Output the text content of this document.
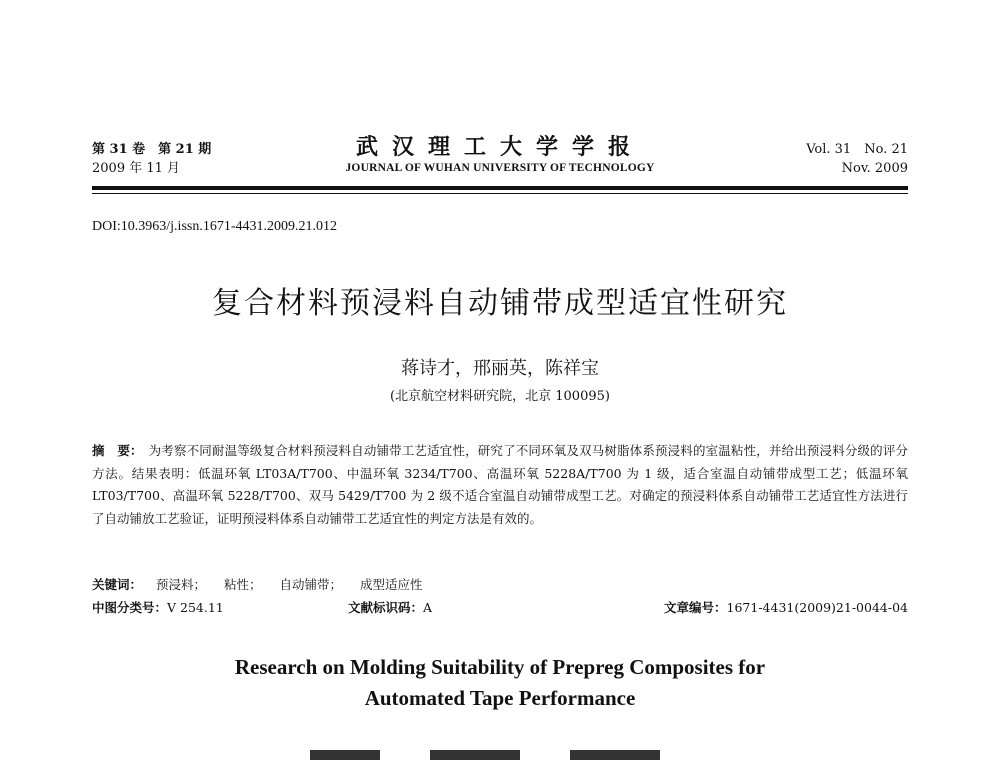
第 31 卷　第 21 期
2009 年 11 月
武汉理工大学学报
JOURNAL OF WUHAN UNIVERSITY OF TECHNOLOGY
Vol. 31　No. 21
Nov. 2009
DOI:10.3963/j.issn.1671-4431.2009.21.012
复合材料预浸料自动铺带成型适宜性研究
蒋诗才，邢丽英，陈祥宝
(北京航空材料研究院，北京 100095)
摘　要： 为考察不同耐温等级复合材料预浸料自动铺带工艺适宜性，研究了不同环氧及双马树脂体系预浸料的室温粘性，并给出预浸料分级的评分方法。结果表明：低温环氧 LT03A/T700、中温环氧 3234/T700、高温环氧 5228A/T700 为 1 级，适合室温自动铺带成型工艺；低温环氧 LT03/T700、高温环氧 5228/T700、双马 5429/T700 为 2 级不适合室温自动铺带成型工艺。对确定的预浸料体系自动铺带工艺适宜性方法进行了自动铺放工艺验证，证明预浸料体系自动铺带工艺适宜性的判定方法是有效的。
关键词： 预浸料； 粘性； 自动铺带； 成型适应性
中图分类号：V 254.11	文献标识码：A	文章编号：1671-4431(2009)21-0044-04
Research on Molding Suitability of Prepreg Composites for
Automated Tape Performance
